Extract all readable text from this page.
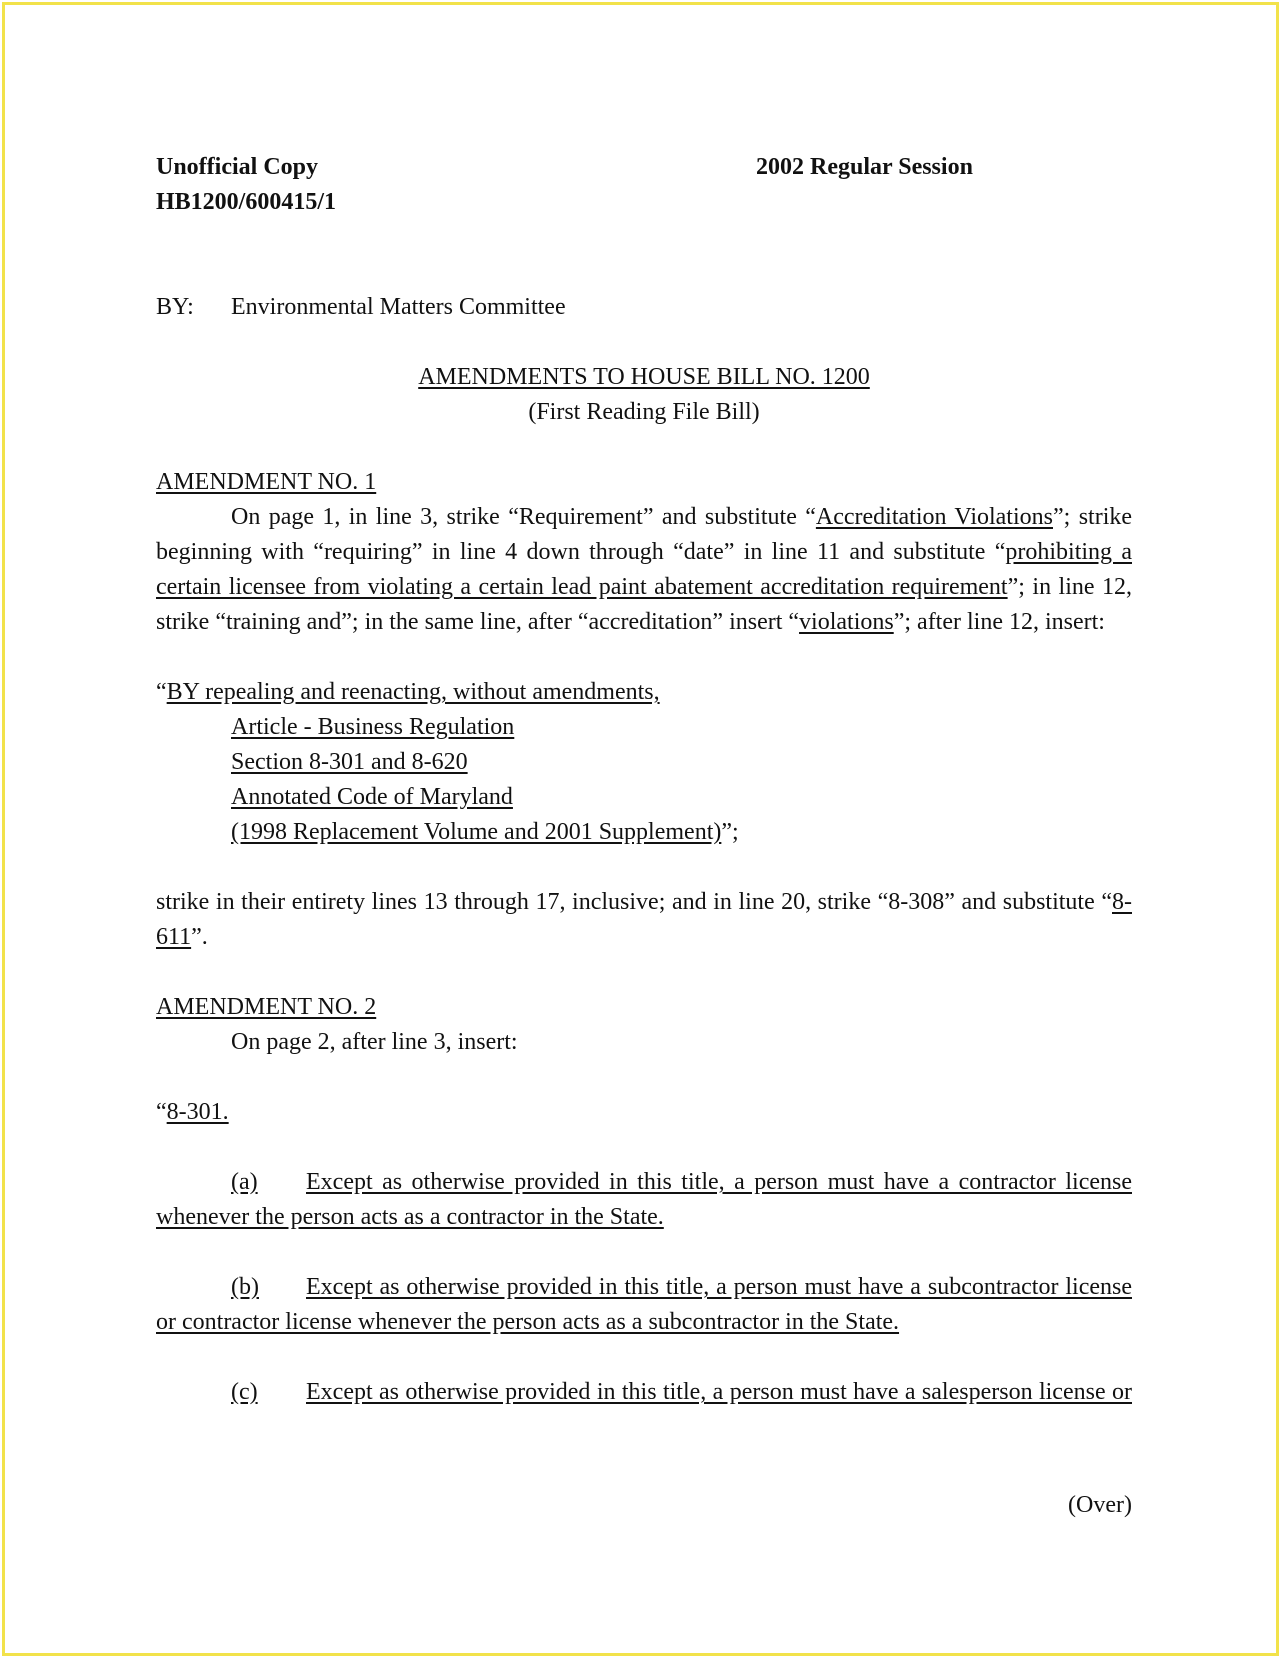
Unofficial Copy	2002 Regular Session
HB1200/600415/1
BY: Environmental Matters Committee
AMENDMENTS TO HOUSE BILL NO. 1200
(First Reading File Bill)
AMENDMENT NO. 1
On page 1, in line 3, strike “Requirement” and substitute “Accreditation Violations”; strike beginning with “requiring” in line 4 down through “date” in line 11 and substitute “prohibiting a certain licensee from violating a certain lead paint abatement accreditation requirement”; in line 12, strike “training and”; in the same line, after “accreditation” insert “violations”; after line 12, insert:
“BY repealing and reenacting, without amendments,
Article - Business Regulation
Section 8-301 and 8-620
Annotated Code of Maryland
(1998 Replacement Volume and 2001 Supplement)”;
strike in their entirety lines 13 through 17, inclusive; and in line 20, strike “8-308” and substitute “8-611”.
AMENDMENT NO. 2
On page 2, after line 3, insert:
“8-301.
(a) Except as otherwise provided in this title, a person must have a contractor license whenever the person acts as a contractor in the State.
(b) Except as otherwise provided in this title, a person must have a subcontractor license or contractor license whenever the person acts as a subcontractor in the State.
(c) Except as otherwise provided in this title, a person must have a salesperson license or
(Over)
